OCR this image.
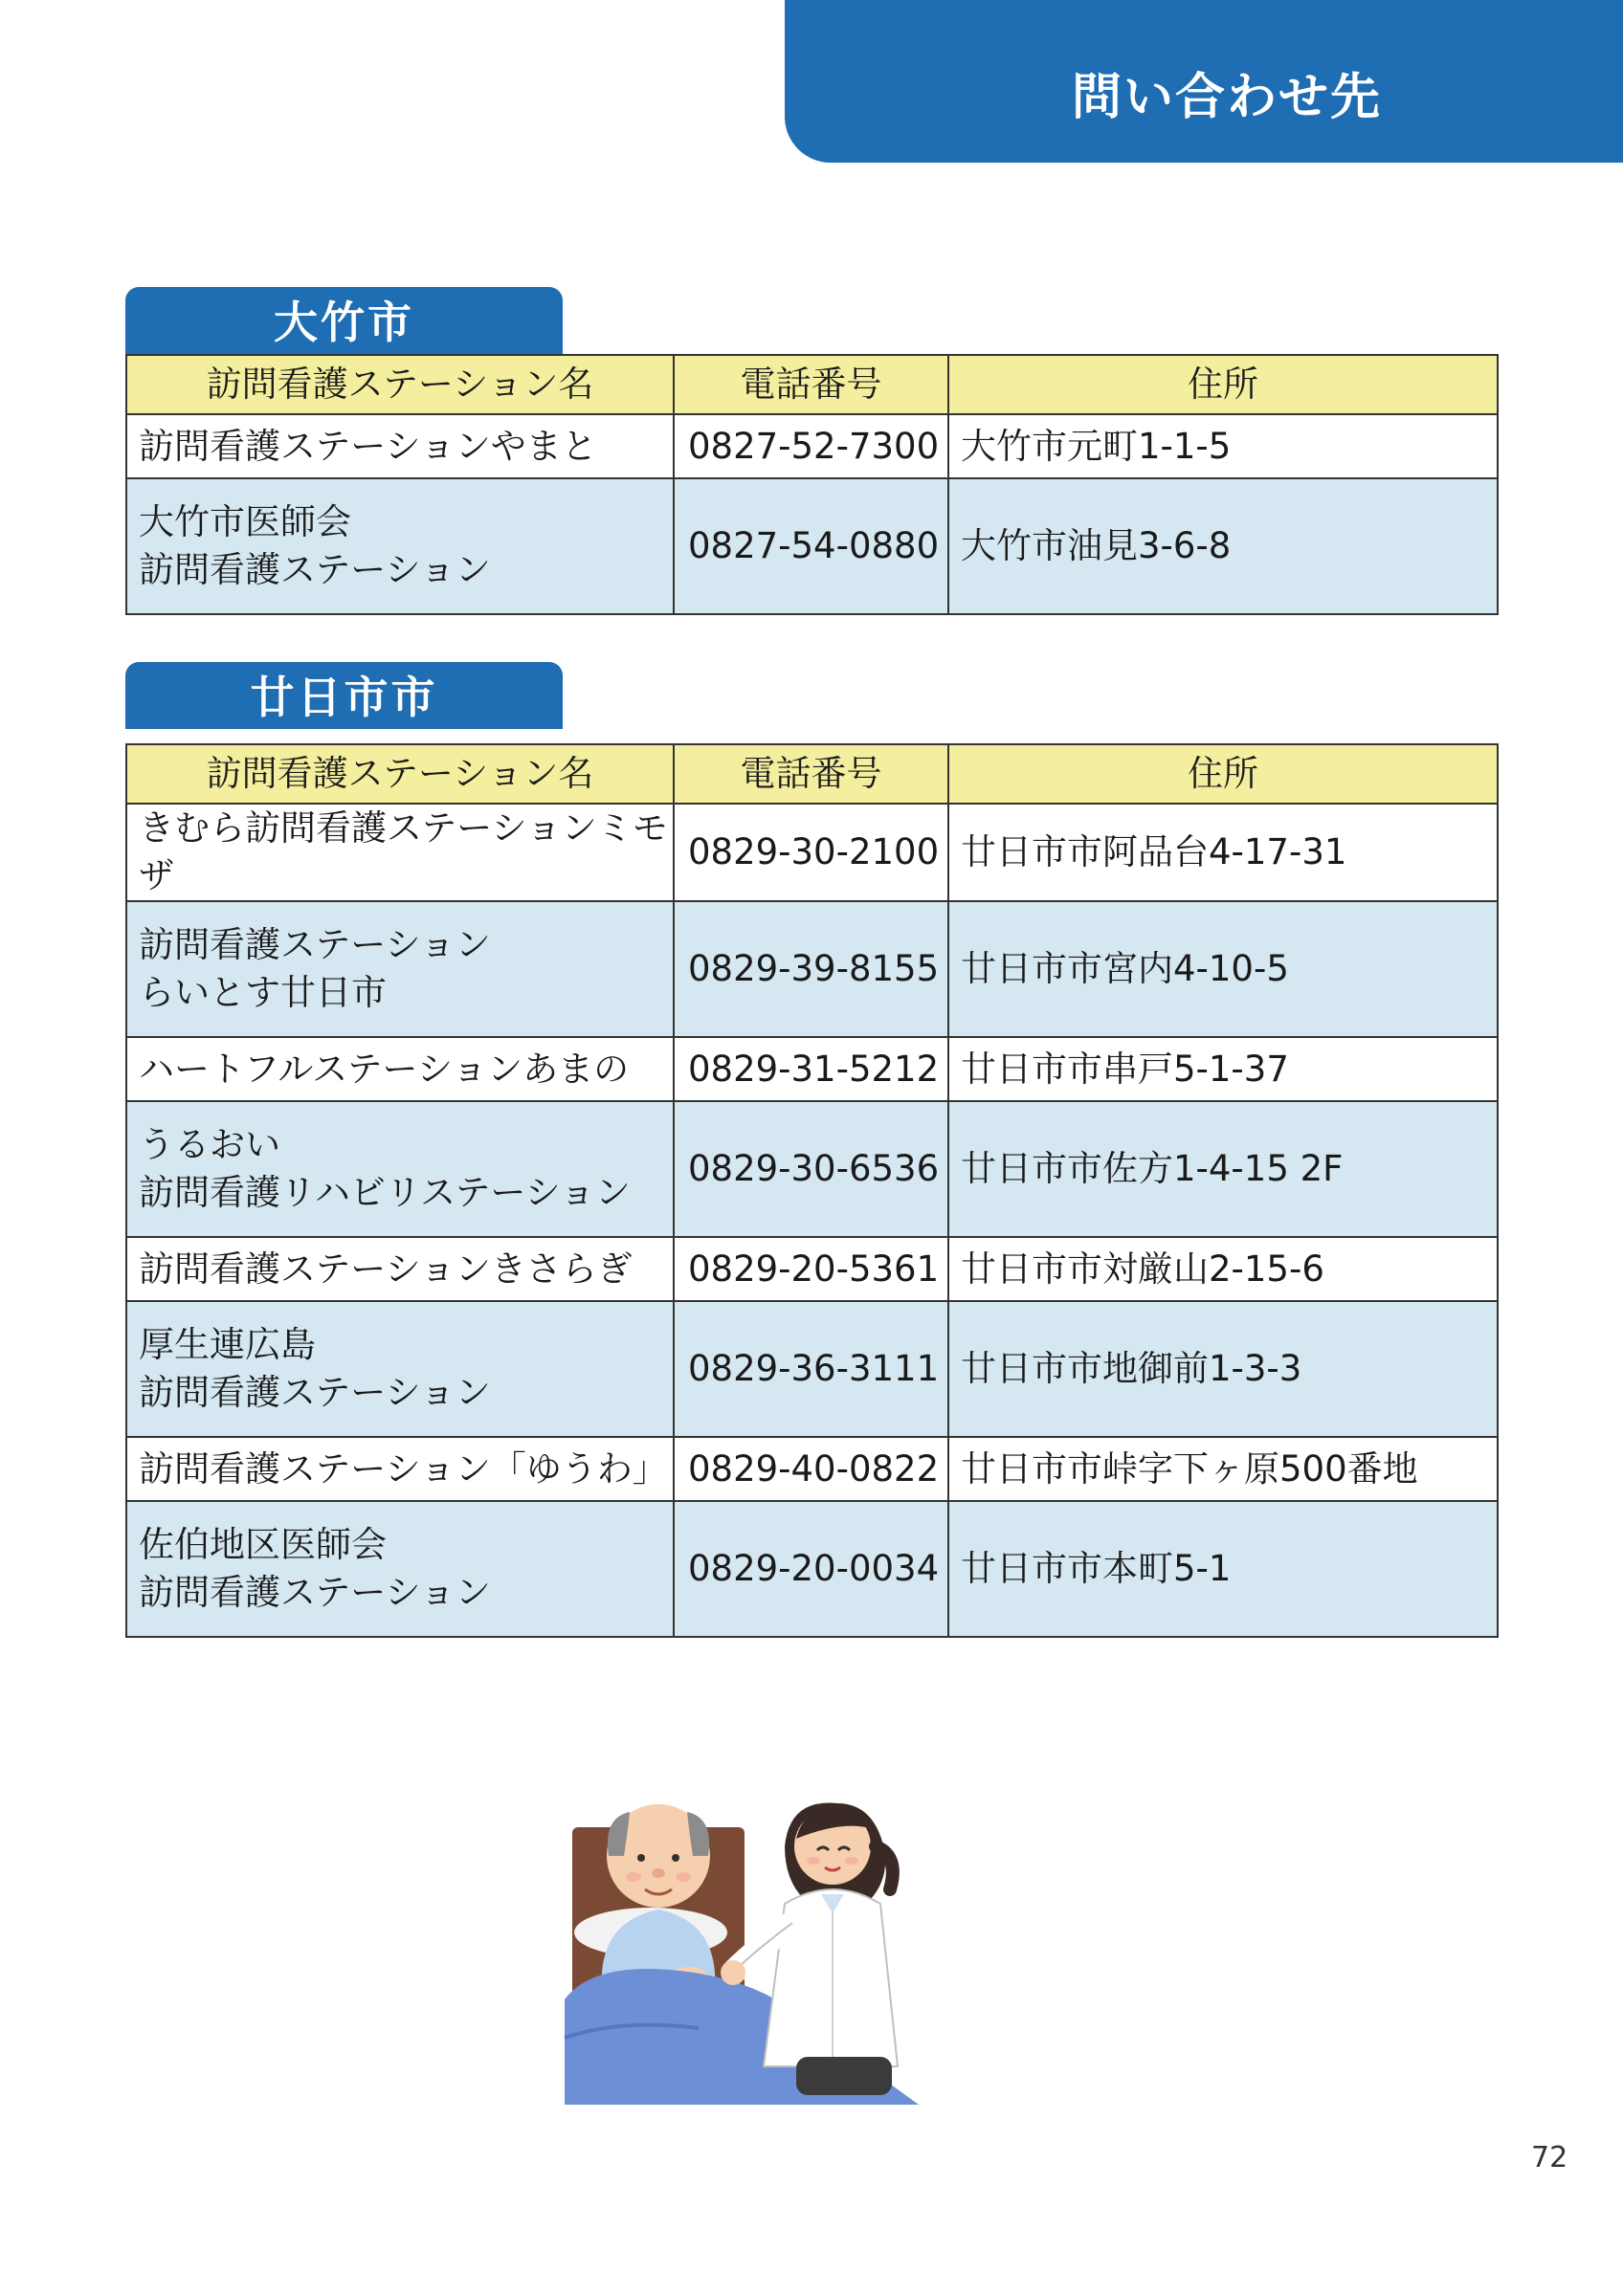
問い合わせ先
大竹市
訪問看護ステーション名	電話番号	住所

訪問看護ステーションやまと	0827-52-7300	大竹市元町1-1-5

大竹市医師会
訪問看護ステーション	0827-54-0880	大竹市油見3-6-8
廿日市市
訪問看護ステーション名	電話番号	住所

きむら訪問看護ステーションミモザ	0829-30-2100	廿日市市阿品台4-17-31

訪問看護ステーション
らいとす廿日市	0829-39-8155	廿日市市宮内4-10-5

ハートフルステーションあまの	0829-31-5212	廿日市市串戸5-1-37

うるおい
訪問看護リハビリステーション	0829-30-6536	廿日市市佐方1-4-15 2F

訪問看護ステーションきさらぎ	0829-20-5361	廿日市市対厳山2-15-6

厚生連広島
訪問看護ステーション	0829-36-3111	廿日市市地御前1-3-3

訪問看護ステーション「ゆうわ」	0829-40-0822	廿日市市峠字下ヶ原500番地

佐伯地区医師会
訪問看護ステーション	0829-20-0034	廿日市市本町5-1
72
